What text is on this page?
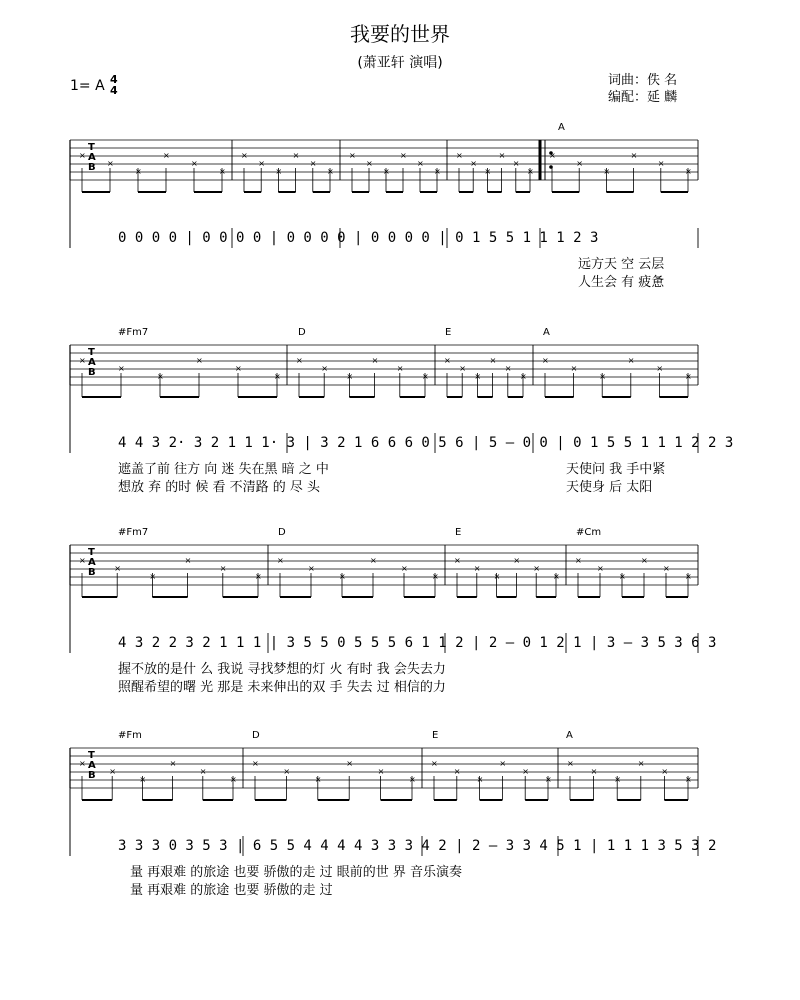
我要的世界
(萧亚轩 演唱)
1= A 4
4
词曲：佚 名
编配：延 麟
×
×
×
×
×
×
×
×
×
×
×
×
×
×
×
×
×
×
×
×
×
×
×
×
×
×
×
×
×
×
×
×
×
×
×
×
×
×
×
×
×
×
×
×
×
×
×
×
×
×
×
×
×
×
×
×
×
×
×
×
×
×
×
×
×
×
×
×
×
×
×
×
×
×
×
×
×
×
×
×
×
×
×
×
×
×
×
×
×
×
×
×
×
×
×
×
×
×
×
×
×
×
T
A
B
A
0 0 0 0 | 0 0 0 0 | 0 0 0 0 | 0 0 0 0 | 0 1 5 5 1 1 1 2 3
远方天 空 云层
人生会 有 疲惫
T
A
B
#Fm7	D	E	A
4 4 3 2· 3 2 1 1 1· 3 | 3 2 1 6 6 6 0 5 6 | 5 — 0 0 | 0 1 5 5 1 1 1 2 2 3
遮盖了前 往方 向 迷 失在黑 暗 之 中	天使问 我 手中紧
想放 弃 的时 候 看 不清路 的 尽 头	天使身 后 太阳
T
A
B
#Fm7	D	E	#Cm
4 3 2 2 3 2 1 1 1 | 3 5 5 0 5 5 5 6 1 1 2 | 2 — 0 1 2 1 | 3 — 3 5 3 6 3
握不放的是什 么 我说 寻找梦想的灯 火 有时 我 会失去力
照醒希望的曙 光 那是 未来伸出的双 手 失去 过 相信的力
T
A
B
#Fm	D	E	A
3 3 3 0 3 5 3 | 6 5 5 4 4 4 4 3 3 3 4 2 | 2 — 3 3 4 5 1 | 1 1 1 3 5 3 2
量 再艰难 的旅途 也要 骄傲的走 过 眼前的世 界 音乐演奏
量 再艰难 的旅途 也要 骄傲的走 过
